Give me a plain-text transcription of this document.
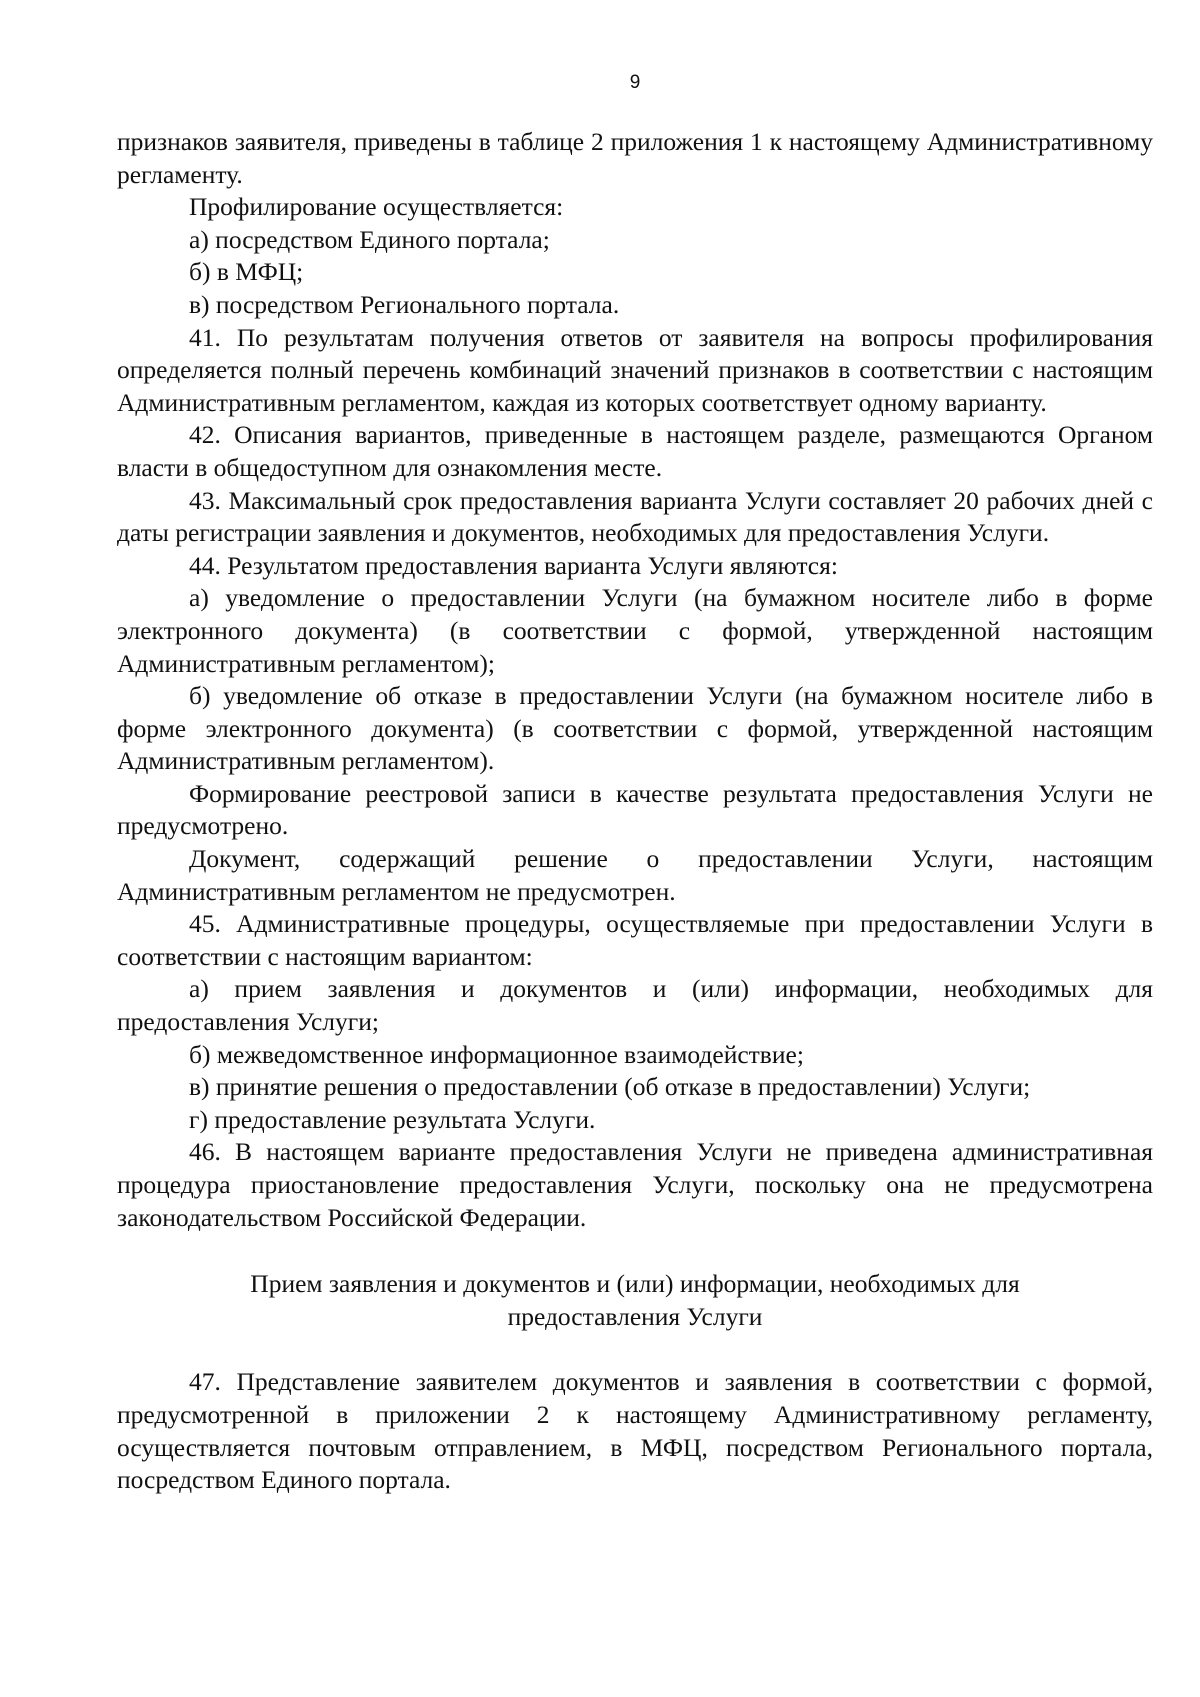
9

признаков заявителя, приведены в таблице 2 приложения 1 к настоящему Административному регламенту.

Профилирование осуществляется:

а) посредством Единого портала;

б) в МФЦ;

в) посредством Регионального портала.

41. По результатам получения ответов от заявителя на вопросы профилирования определяется полный перечень комбинаций значений признаков в соответствии с настоящим Административным регламентом, каждая из которых соответствует одному варианту.

42. Описания вариантов, приведенные в настоящем разделе, размещаются Органом власти в общедоступном для ознакомления месте.

43. Максимальный срок предоставления варианта Услуги составляет 20 рабочих дней с даты регистрации заявления и документов, необходимых для предоставления Услуги.

44. Результатом предоставления варианта Услуги являются:

а) уведомление о предоставлении Услуги (на бумажном носителе либо в форме электронного документа) (в соответствии с формой, утвержденной настоящим Административным регламентом);

б) уведомление об отказе в предоставлении Услуги (на бумажном носителе либо в форме электронного документа) (в соответствии с формой, утвержденной настоящим Административным регламентом).

Формирование реестровой записи в качестве результата предоставления Услуги не предусмотрено.

Документ, содержащий решение о предоставлении Услуги, настоящим Административным регламентом не предусмотрен.

45. Административные процедуры, осуществляемые при предоставлении Услуги в соответствии с настоящим вариантом:

а) прием заявления и документов и (или) информации, необходимых для предоставления Услуги;

б) межведомственное информационное взаимодействие;

в) принятие решения о предоставлении (об отказе в предоставлении) Услуги;

г) предоставление результата Услуги.

46. В настоящем варианте предоставления Услуги не приведена административная процедура приостановление предоставления Услуги, поскольку она не предусмотрена законодательством Российской Федерации.

Прием заявления и документов и (или) информации, необходимых для предоставления Услуги

47. Представление заявителем документов и заявления в соответствии с формой, предусмотренной в приложении 2 к настоящему Административному регламенту, осуществляется почтовым отправлением, в МФЦ, посредством Регионального портала, посредством Единого портала.
